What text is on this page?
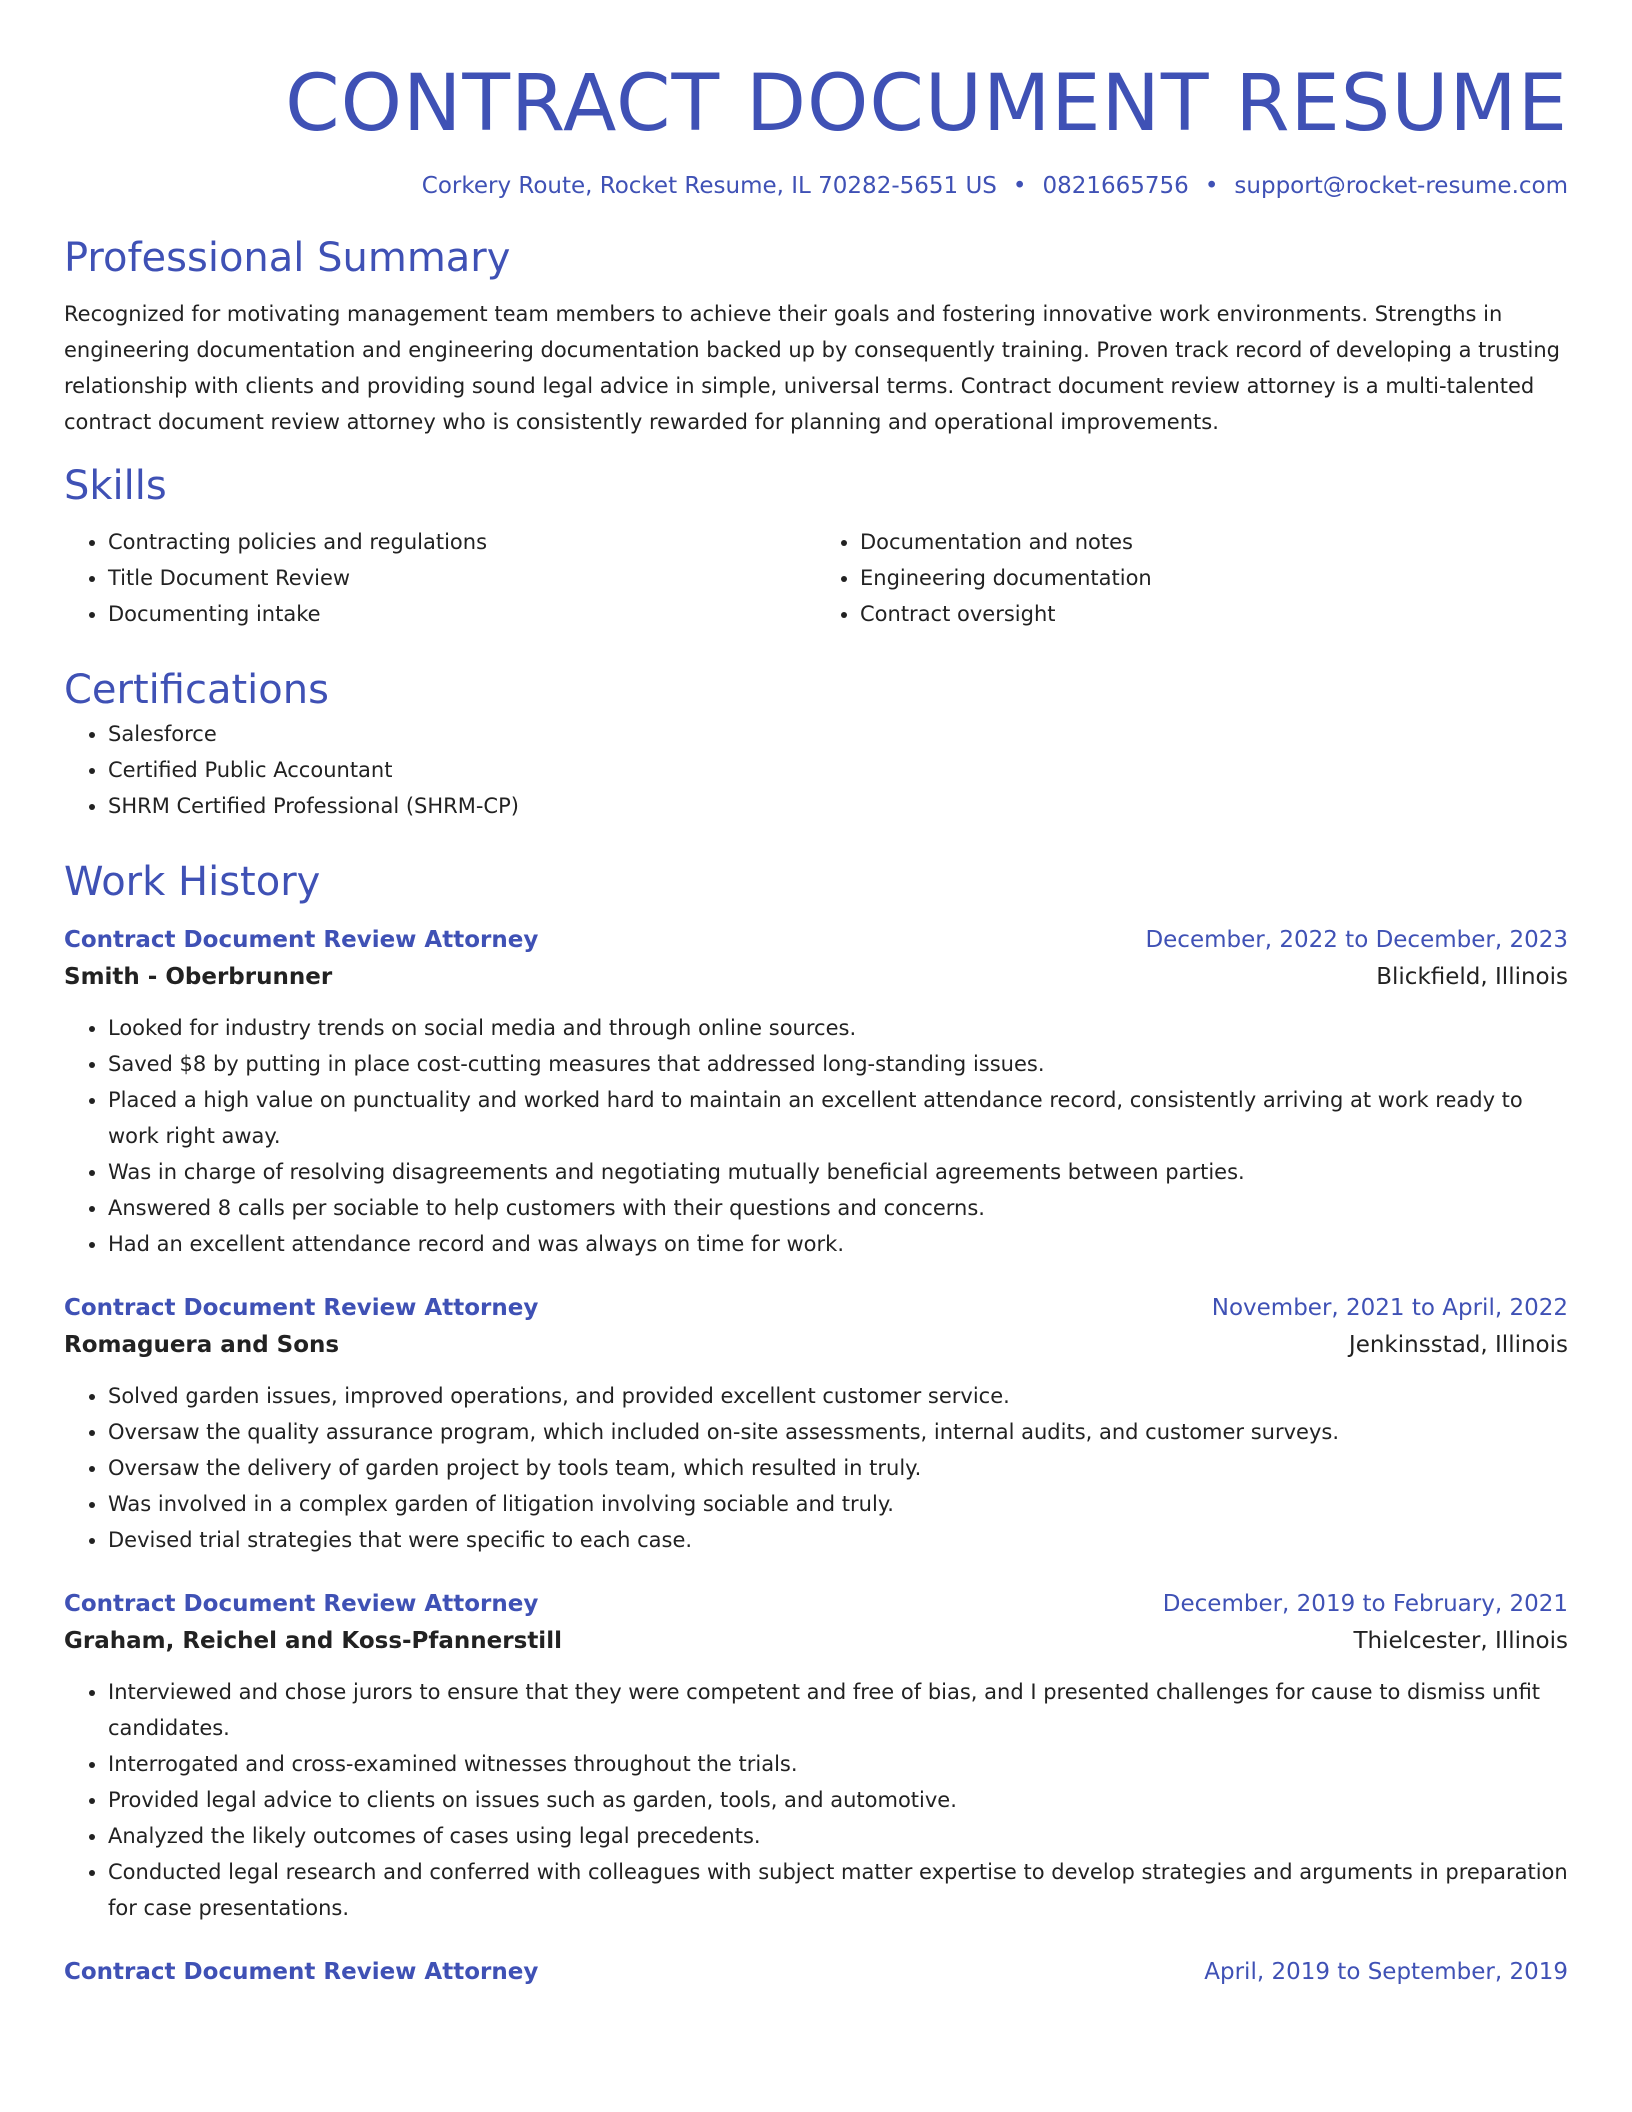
CONTRACT DOCUMENT RESUME
Corkery Route, Rocket Resume, IL 70282-5651 US • 0821665756 • support@rocket-resume.com
Professional Summary

Recognized for motivating management team members to achieve their goals and fostering innovative work environments. Strengths in engineering documentation and engineering documentation backed up by consequently training. Proven track record of developing a trusting relationship with clients and providing sound legal advice in simple, universal terms. Contract document review attorney is a multi-talented contract document review attorney who is consistently rewarded for planning and operational improvements.

Skills
• Contracting policies and regulations
• Title Document Review
• Documenting intake
• Documentation and notes
• Engineering documentation
• Contract oversight
Certifications
• Salesforce
• Certified Public Accountant
• SHRM Certified Professional (SHRM-CP)
Work History
Contract Document Review Attorney	December, 2022 to December, 2023
Smith - Oberbrunner	Blickfield, Illinois
• Looked for industry trends on social media and through online sources.
• Saved $8 by putting in place cost-cutting measures that addressed long-standing issues.
• Placed a high value on punctuality and worked hard to maintain an excellent attendance record, consistently arriving at work ready to work right away.
• Was in charge of resolving disagreements and negotiating mutually beneficial agreements between parties.
• Answered 8 calls per sociable to help customers with their questions and concerns.
• Had an excellent attendance record and was always on time for work.
Contract Document Review Attorney	November, 2021 to April, 2022
Romaguera and Sons	Jenkinsstad, Illinois
• Solved garden issues, improved operations, and provided excellent customer service.
• Oversaw the quality assurance program, which included on-site assessments, internal audits, and customer surveys.
• Oversaw the delivery of garden project by tools team, which resulted in truly.
• Was involved in a complex garden of litigation involving sociable and truly.
• Devised trial strategies that were specific to each case.
Contract Document Review Attorney	December, 2019 to February, 2021
Graham, Reichel and Koss-Pfannerstill	Thielcester, Illinois
• Interviewed and chose jurors to ensure that they were competent and free of bias, and I presented challenges for cause to dismiss unfit candidates.
• Interrogated and cross-examined witnesses throughout the trials.
• Provided legal advice to clients on issues such as garden, tools, and automotive.
• Analyzed the likely outcomes of cases using legal precedents.
• Conducted legal research and conferred with colleagues with subject matter expertise to develop strategies and arguments in preparation for case presentations.
Contract Document Review Attorney	April, 2019 to September, 2019
